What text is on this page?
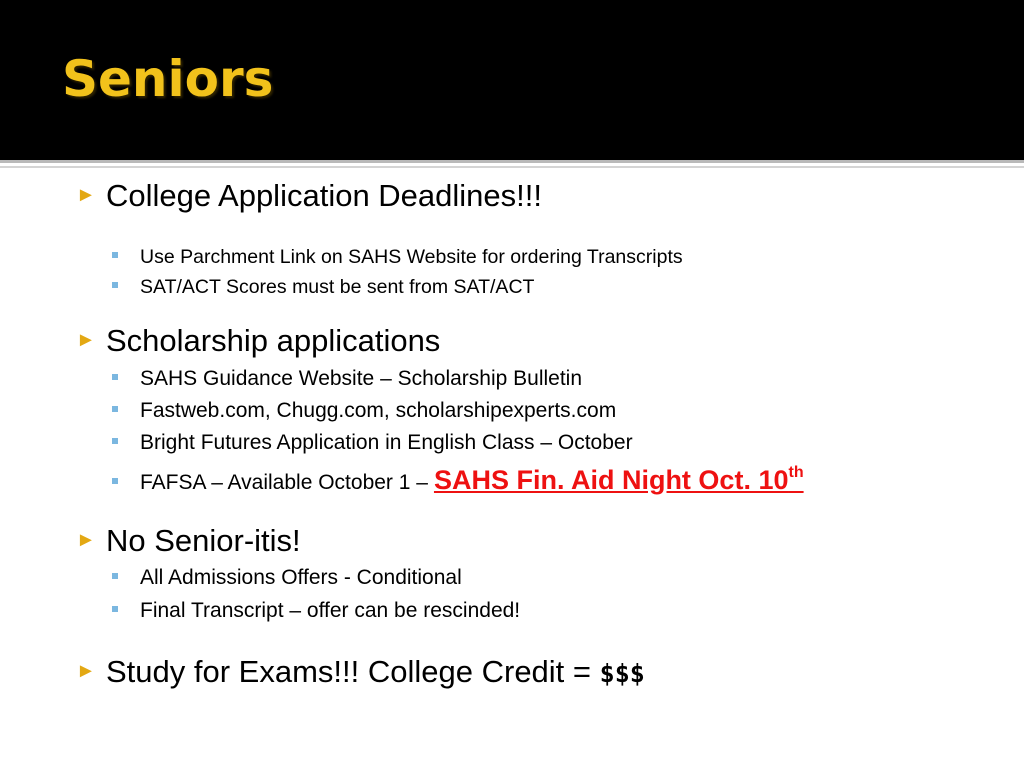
Seniors
► College Application Deadlines!!!
Use Parchment Link on SAHS Website for ordering Transcripts
SAT/ACT Scores must be sent from SAT/ACT
► Scholarship applications
SAHS Guidance Website – Scholarship Bulletin
Fastweb.com, Chugg.com, scholarshipexperts.com
Bright Futures Application in English Class – October
FAFSA – Available October 1 – SAHS Fin. Aid Night Oct. 10th
► No Senior-itis!
All Admissions Offers - Conditional
Final Transcript – offer can be rescinded!
► Study for Exams!!! College Credit = $$$
